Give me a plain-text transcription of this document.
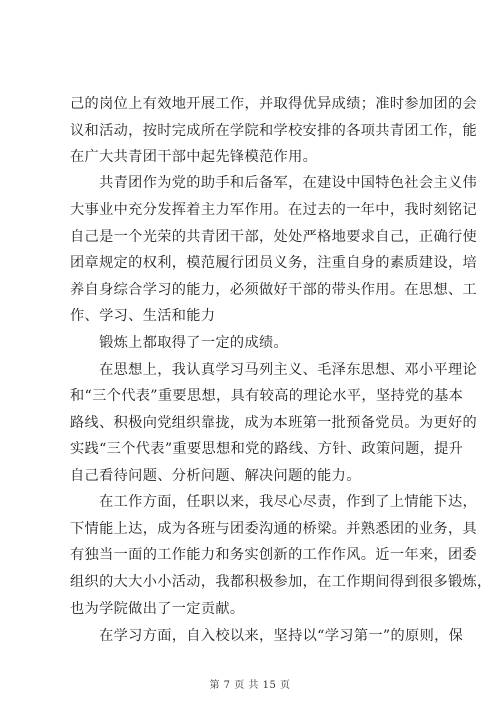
己的岗位上有效地开展工作，并取得优异成绩；准时参加团的会
议和活动，按时完成所在学院和学校安排的各项共青团工作，能
在广大共青团干部中起先锋模范作用。
　　共青团作为党的助手和后备军，在建设中国特色社会主义伟
大事业中充分发挥着主力军作用。在过去的一年中，我时刻铭记
自己是一个光荣的共青团干部，处处严格地要求自己，正确行使
团章规定的权利，模范履行团员义务，注重自身的素质建设，培
养自身综合学习的能力，必须做好干部的带头作用。在思想、工
作、学习、生活和能力
　　锻炼上都取得了一定的成绩。
　　在思想上，我认真学习马列主义、毛泽东思想、邓小平理论
和“三个代表”重要思想，具有较高的理论水平，坚持党的基本
路线、积极向党组织靠拢，成为本班第一批预备党员。为更好的
实践“三个代表”重要思想和党的路线、方针、政策问题，提升
自己看待问题、分析问题、解决问题的能力。
　　在工作方面，任职以来，我尽心尽责，作到了上情能下达，
下情能上达，成为各班与团委沟通的桥梁。并熟悉团的业务，具
有独当一面的工作能力和务实创新的工作作风。近一年来，团委
组织的大大小小活动，我都积极参加，在工作期间得到很多锻炼，
也为学院做出了一定贡献。
　　在学习方面，自入校以来，坚持以“学习第一”的原则，保
第 7 页 共 15 页
